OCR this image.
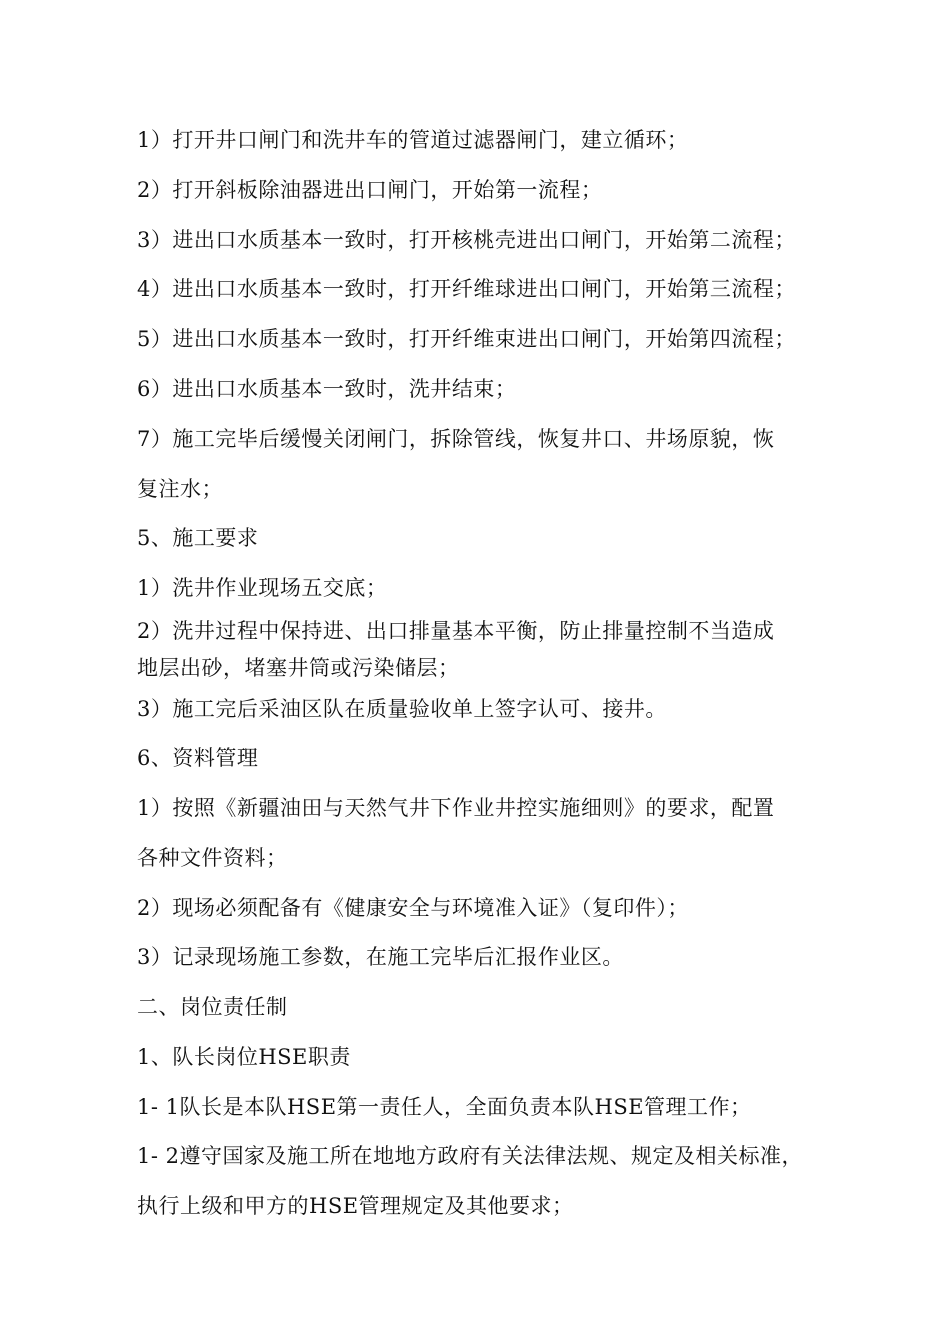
1）打开井口闸门和洗井车的管道过滤器闸门，建立循环；
2）打开斜板除油器进出口闸门，开始第一流程；
3）进出口水质基本一致时，打开核桃壳进出口闸门，开始第二流程；
4）进出口水质基本一致时，打开纤维球进出口闸门，开始第三流程；
5）进出口水质基本一致时，打开纤维束进出口闸门，开始第四流程；
6）进出口水质基本一致时，洗井结束；
7）施工完毕后缓慢关闭闸门，拆除管线，恢复井口、井场原貌，恢
复注水；
5、施工要求
1）洗井作业现场五交底；
2）洗井过程中保持进、出口排量基本平衡，防止排量控制不当造成
地层出砂，堵塞井筒或污染储层；
3）施工完后采油区队在质量验收单上签字认可、接井。
6、资料管理
1）按照《新疆油田与天然气井下作业井控实施细则》的要求，配置
各种文件资料；
2）现场必须配备有《健康安全与环境准入证》（复印件）；
3）记录现场施工参数，在施工完毕后汇报作业区。
二、岗位责任制
1、队长岗位HSE职责
1- 1队长是本队HSE第一责任人，全面负责本队HSE管理工作；
1- 2遵守国家及施工所在地地方政府有关法律法规、规定及相关标准，
执行上级和甲方的HSE管理规定及其他要求；
